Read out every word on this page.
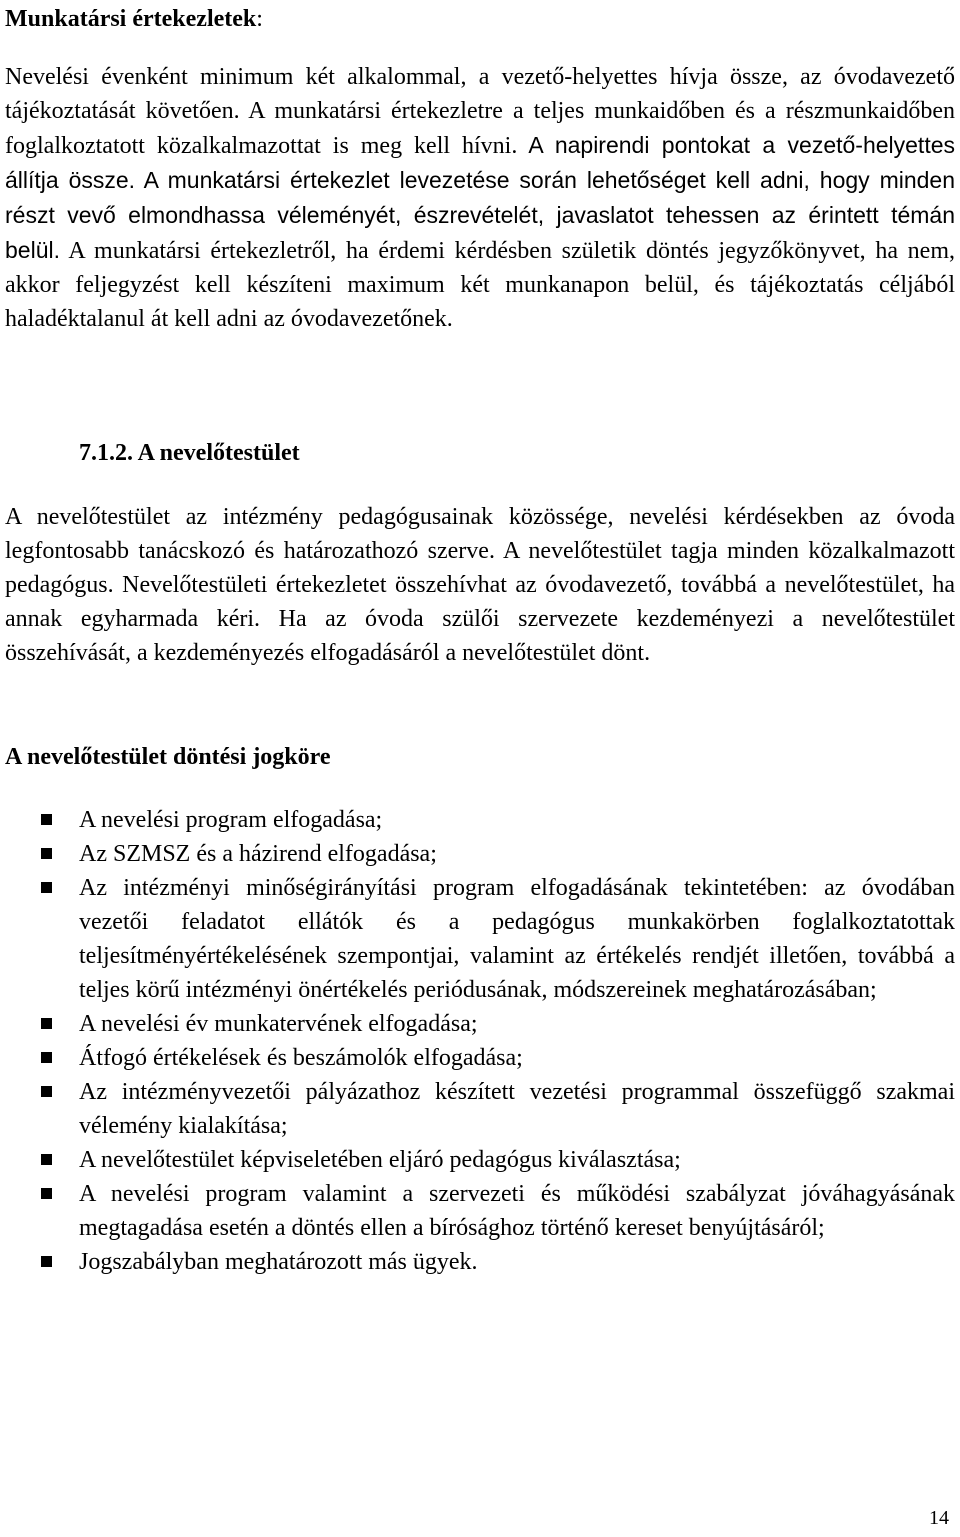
Munkatársi értekezletek:

Nevelési évenként minimum két alkalommal, a vezető-helyettes hívja össze, az óvodavezető tájékoztatását követően. A munkatársi értekezletre a teljes munkaidőben és a részmunkaidőben foglalkoztatott közalkalmazottat is meg kell hívni. A napirendi pontokat a vezető-helyettes állítja össze. A munkatársi értekezlet levezetése során lehetőséget kell adni, hogy minden részt vevő elmondhassa véleményét, észrevételét, javaslatot tehessen az érintett témán belül. A munkatársi értekezletről, ha érdemi kérdésben születik döntés jegyzőkönyvet, ha nem, akkor feljegyzést kell készíteni maximum két munkanapon belül, és tájékoztatás céljából haladéktalanul át kell adni az óvodavezetőnek.

7.1.2. A nevelőtestület

A nevelőtestület az intézmény pedagógusainak közössége, nevelési kérdésekben az óvoda legfontosabb tanácskozó és határozathozó szerve. A nevelőtestület tagja minden közalkalmazott pedagógus. Nevelőtestületi értekezletet összehívhat az óvodavezető, továbbá a nevelőtestület, ha annak egyharmada kéri. Ha az óvoda szülői szervezete kezdeményezi a nevelőtestület összehívását, a kezdeményezés elfogadásáról a nevelőtestület dönt.

A nevelőtestület döntési jogköre
A nevelési program elfogadása;
Az SZMSZ és a házirend elfogadása;
Az intézményi minőségirányítási program elfogadásának tekintetében: az óvodában vezetői feladatot ellátók és a pedagógus munkakörben foglalkoztatottak teljesítményértékelésének szempontjai, valamint az értékelés rendjét illetően, továbbá a teljes körű intézményi önértékelés periódusának, módszereinek meghatározásában;
A nevelési év munkatervének elfogadása;
Átfogó értékelések és beszámolók elfogadása;
Az intézményvezetői pályázathoz készített vezetési programmal összefüggő szakmai vélemény kialakítása;
A nevelőtestület képviseletében eljáró pedagógus kiválasztása;
A nevelési program valamint a szervezeti és működési szabályzat jóváhagyásának megtagadása esetén a döntés ellen a bírósághoz történő kereset benyújtásáról;
Jogszabályban meghatározott más ügyek.
14
